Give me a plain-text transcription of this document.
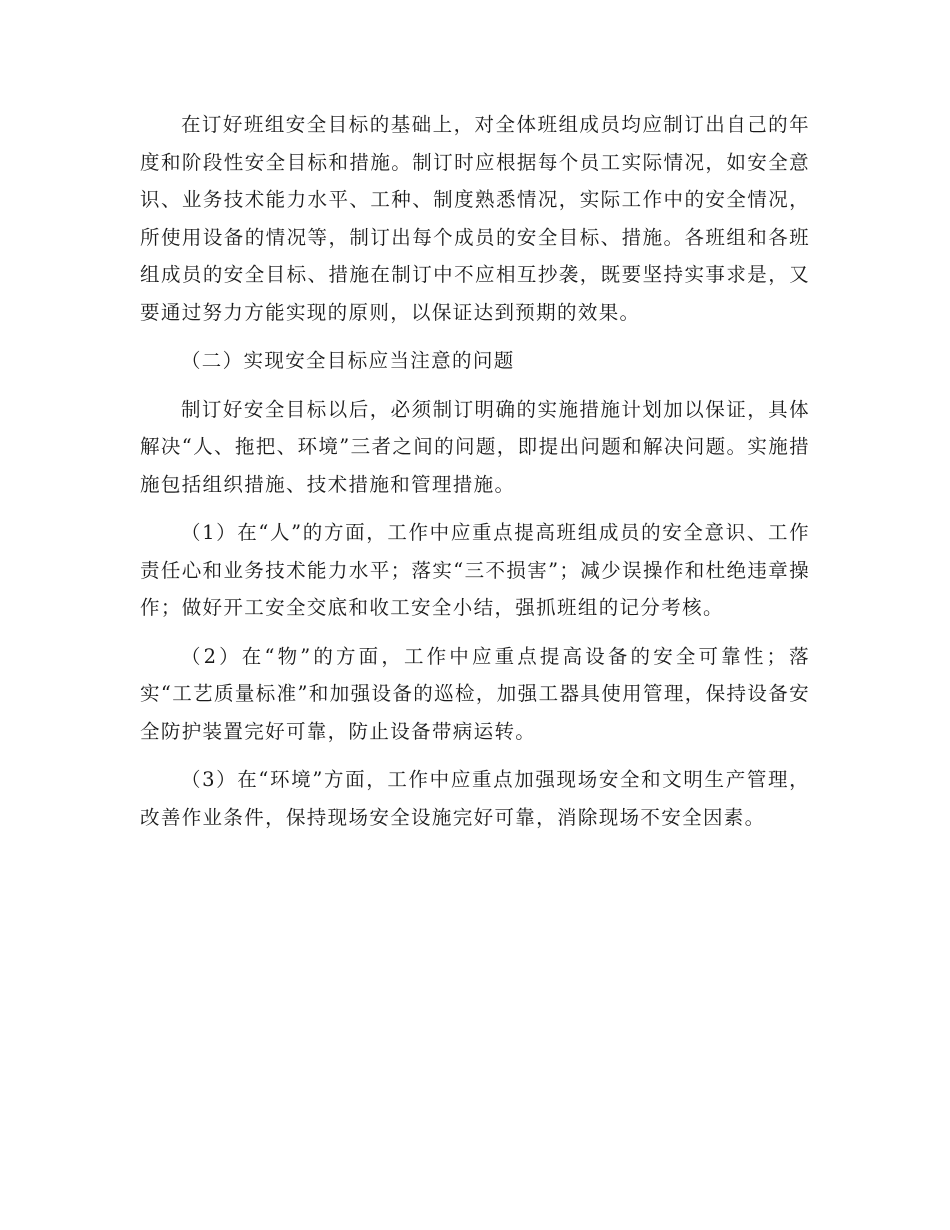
在订好班组安全目标的基础上，对全体班组成员均应制订出自己的年度和阶段性安全目标和措施。制订时应根据每个员工实际情况，如安全意识、业务技术能力水平、工种、制度熟悉情况，实际工作中的安全情况，所使用设备的情况等，制订出每个成员的安全目标、措施。各班组和各班组成员的安全目标、措施在制订中不应相互抄袭，既要坚持实事求是，又要通过努力方能实现的原则，以保证达到预期的效果。

（二）实现安全目标应当注意的问题

制订好安全目标以后，必须制订明确的实施措施计划加以保证，具体解决“人、拖把、环境”三者之间的问题，即提出问题和解决问题。实施措施包括组织措施、技术措施和管理措施。

（1）在“人”的方面，工作中应重点提高班组成员的安全意识、工作责任心和业务技术能力水平；落实“三不损害”；减少误操作和杜绝违章操作；做好开工安全交底和收工安全小结，强抓班组的记分考核。

（2）在“物”的方面，工作中应重点提高设备的安全可靠性；落实“工艺质量标准”和加强设备的巡检，加强工器具使用管理，保持设备安全防护装置完好可靠，防止设备带病运转。

（3）在“环境”方面，工作中应重点加强现场安全和文明生产管理，改善作业条件，保持现场安全设施完好可靠，消除现场不安全因素。
